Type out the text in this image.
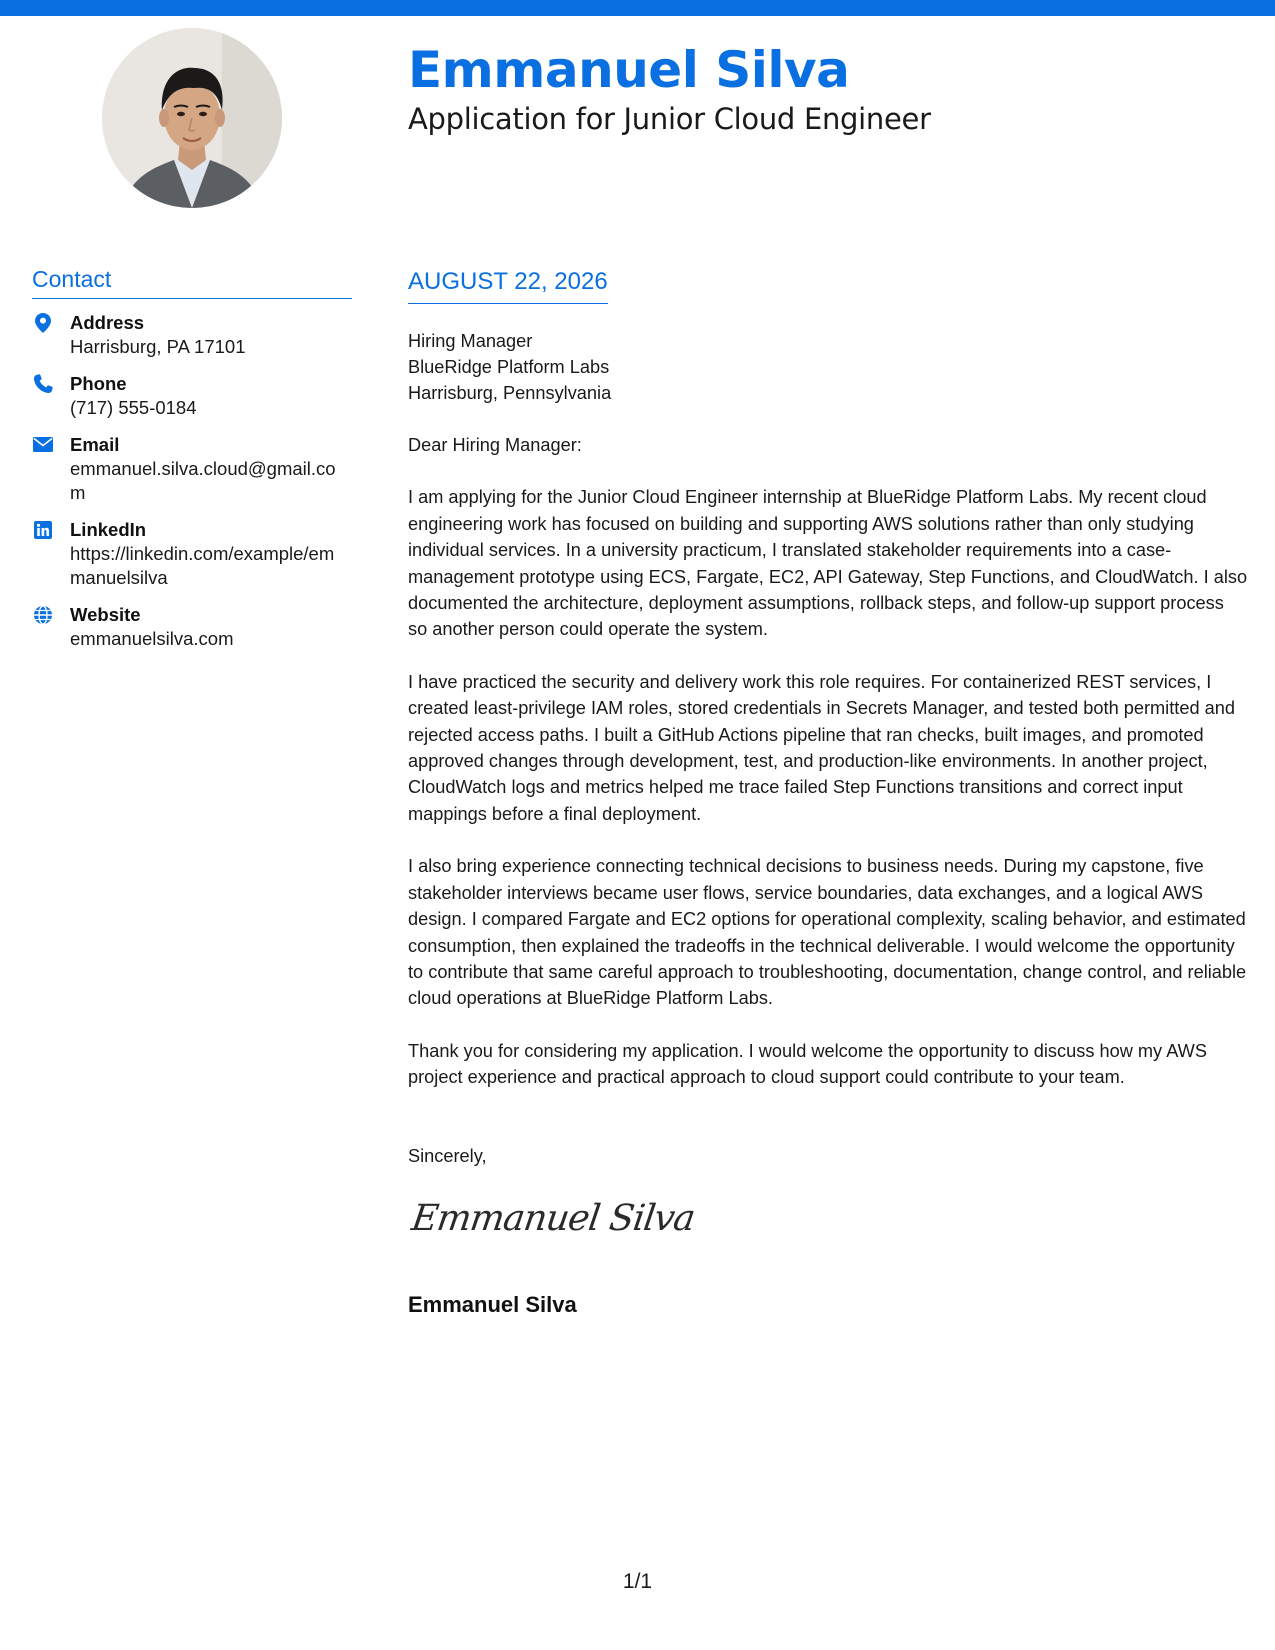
Emmanuel Silva
Application for Junior Cloud Engineer
Contact
Address
Harrisburg, PA 17101
Phone
(717) 555-0184
Email
emmanuel.silva.cloud@gmail.com
LinkedIn
https://linkedin.com/example/emmanuelsilva
Website
emmanuelsilva.com
AUGUST 22, 2026
Hiring Manager
BlueRidge Platform Labs
Harrisburg, Pennsylvania

Dear Hiring Manager:

I am applying for the Junior Cloud Engineer internship at BlueRidge Platform Labs. My recent cloud engineering work has focused on building and supporting AWS solutions rather than only studying individual services. In a university practicum, I translated stakeholder requirements into a case-management prototype using ECS, Fargate, EC2, API Gateway, Step Functions, and CloudWatch. I also documented the architecture, deployment assumptions, rollback steps, and follow-up support process so another person could operate the system.

I have practiced the security and delivery work this role requires. For containerized REST services, I created least-privilege IAM roles, stored credentials in Secrets Manager, and tested both permitted and rejected access paths. I built a GitHub Actions pipeline that ran checks, built images, and promoted approved changes through development, test, and production-like environments. In another project, CloudWatch logs and metrics helped me trace failed Step Functions transitions and correct input mappings before a final deployment.

I also bring experience connecting technical decisions to business needs. During my capstone, five stakeholder interviews became user flows, service boundaries, data exchanges, and a logical AWS design. I compared Fargate and EC2 options for operational complexity, scaling behavior, and estimated consumption, then explained the tradeoffs in the technical deliverable. I would welcome the opportunity to contribute that same careful approach to troubleshooting, documentation, change control, and reliable cloud operations at BlueRidge Platform Labs.

Thank you for considering my application. I would welcome the opportunity to discuss how my AWS project experience and practical approach to cloud support could contribute to your team.

Sincerely,

Emmanuel Silva
Emmanuel Silva
1/1
